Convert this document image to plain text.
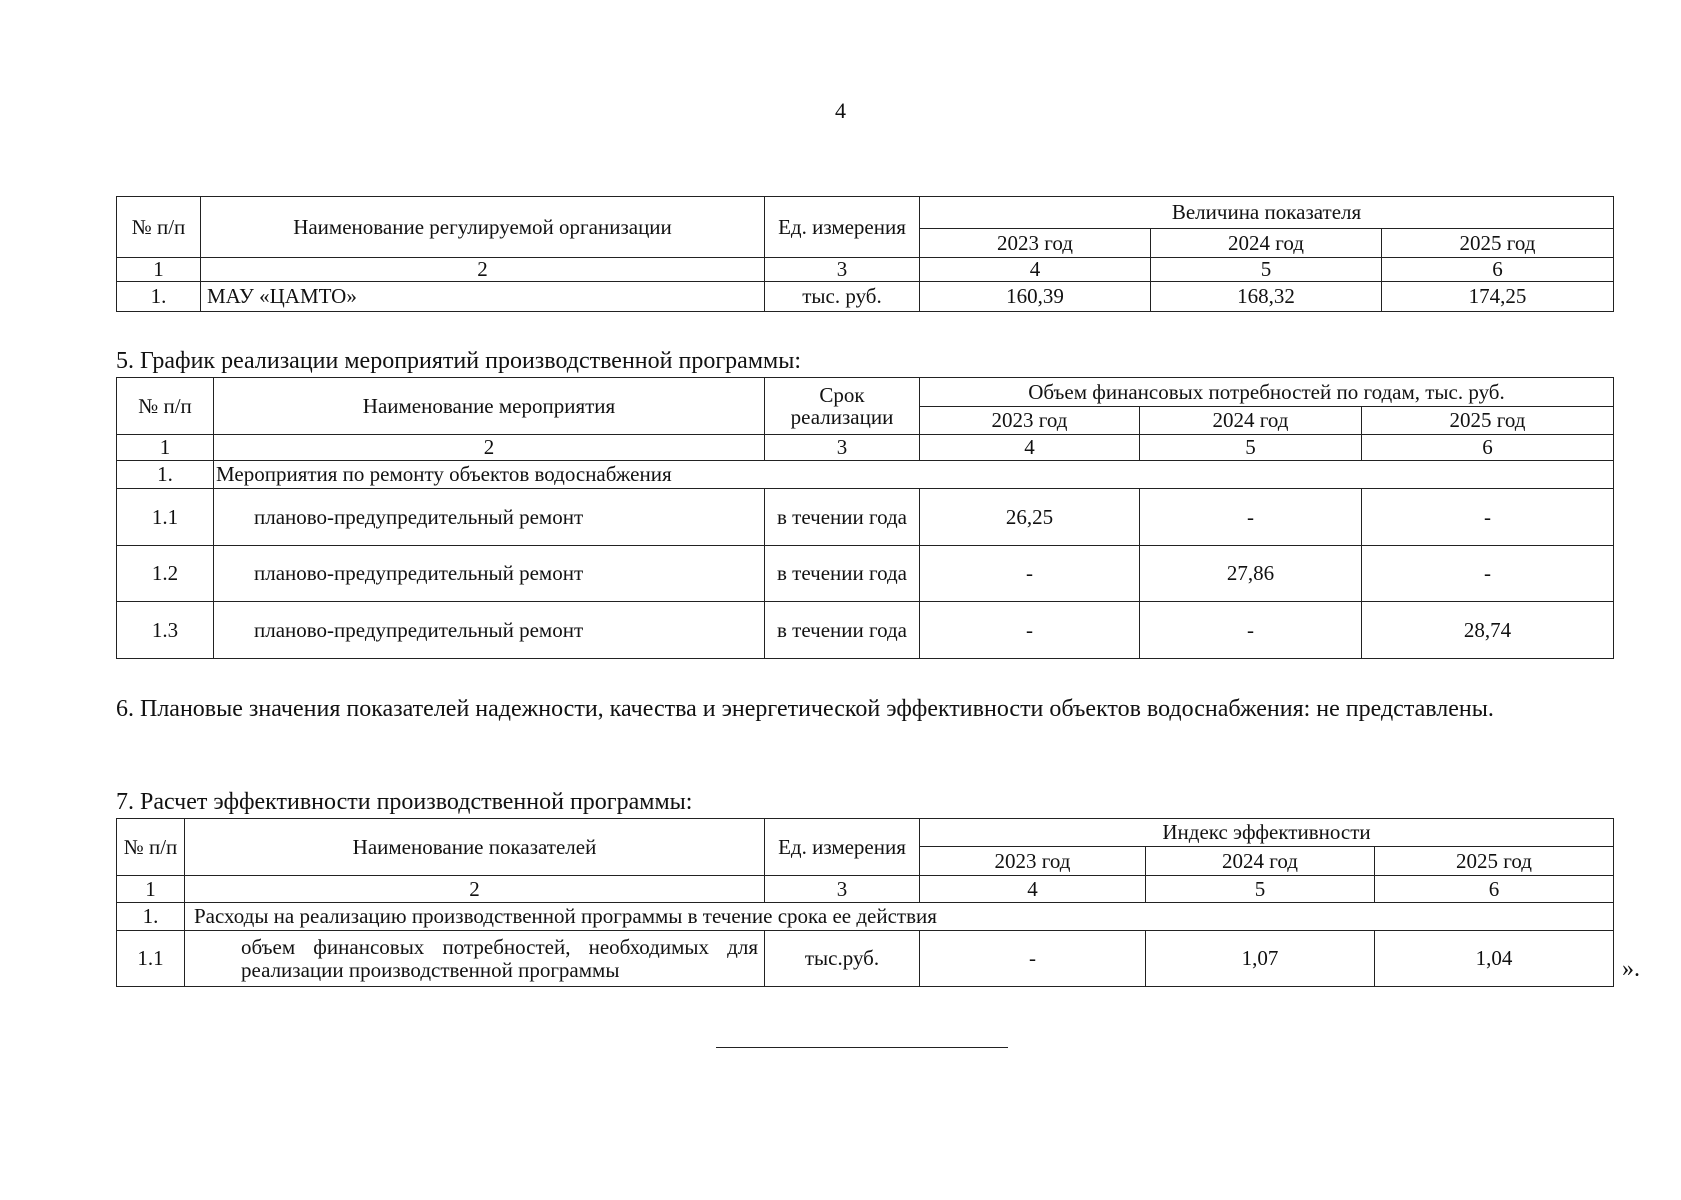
4
№ п/п	Наименование регулируемой организации	Ед. измерения	Величина показателя		
			2023 год	2024 год	2025 год
1	2	3	4	5	6
1.	МАУ «ЦАМТО»	тыс. руб.	160,39	168,32	174,25
5. График реализации мероприятий производственной программы:
№ п/п	Наименование мероприятия	Срок реализации	Объем финансовых потребностей по годам, тыс. руб.		
			2023 год	2024 год	2025 год
1	2	3	4	5	6
1.	Мероприятия по ремонту объектов водоснабжения				
1.1	планово-предупредительный ремонт	в течении года	26,25	-	-
1.2	планово-предупредительный ремонт	в течении года	-	27,86	-
1.3	планово-предупредительный ремонт	в течении года	-	-	28,74
6. Плановые значения показателей надежности, качества и энергетической эффективности объектов водоснабжения: не представлены.
7. Расчет эффективности производственной программы:
№ п/п	Наименование показателей	Ед. измерения	Индекс эффективности		
			2023 год	2024 год	2025 год
1	2	3	4	5	6
1.	Расходы на реализацию производственной программы в течение срока ее действия				
1.1	объем финансовых потребностей, необходимых для реализации производственной программы	тыс.руб.	-	1,07	1,04	».
